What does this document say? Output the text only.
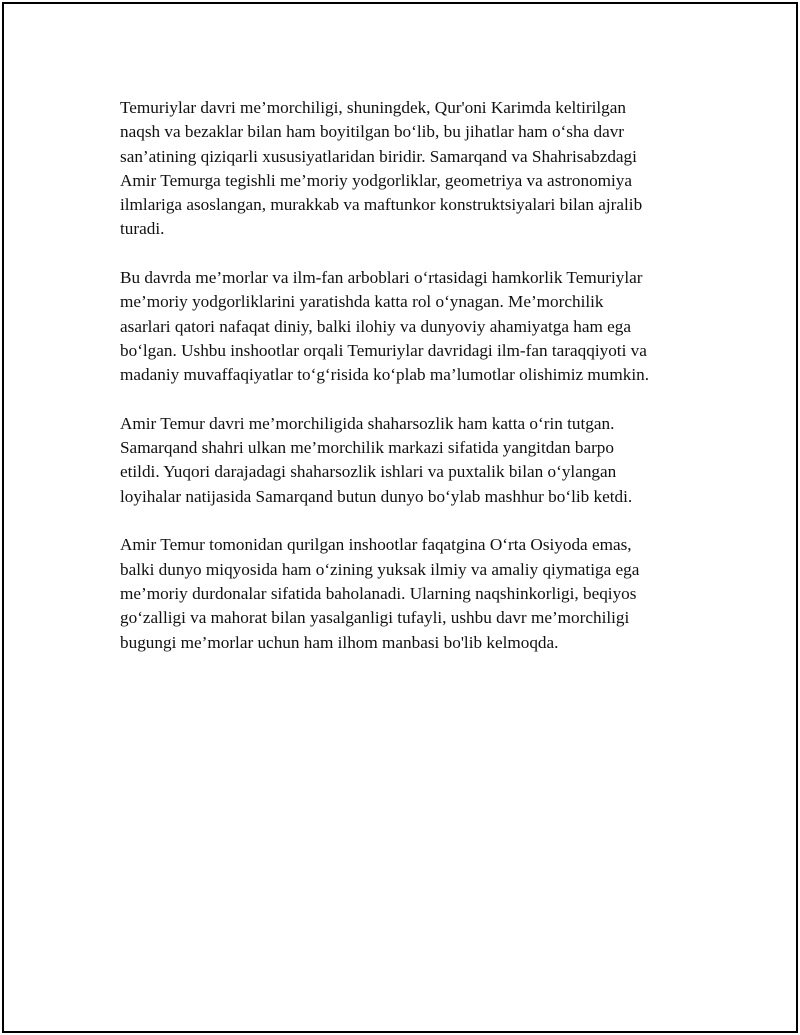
Temuriylar davri me’morchiligi, shuningdek, Qur'oni Karimda keltirilgan
naqsh va bezaklar bilan ham boyitilgan bo‘lib, bu jihatlar ham o‘sha davr
san’atining qiziqarli xususiyatlaridan biridir. Samarqand va Shahrisabzdagi
Amir Temurga tegishli me’moriy yodgorliklar, geometriya va astronomiya
ilmlariga asoslangan, murakkab va maftunkor konstruktsiyalari bilan ajralib
turadi.

Bu davrda me’morlar va ilm-fan arboblari o‘rtasidagi hamkorlik Temuriylar
me’moriy yodgorliklarini yaratishda katta rol o‘ynagan. Me’morchilik
asarlari qatori nafaqat diniy, balki ilohiy va dunyoviy ahamiyatga ham ega
bo‘lgan. Ushbu inshootlar orqali Temuriylar davridagi ilm-fan taraqqiyoti va
madaniy muvaffaqiyatlar to‘g‘risida ko‘plab ma’lumotlar olishimiz mumkin.

Amir Temur davri me’morchiligida shaharsozlik ham katta o‘rin tutgan.
Samarqand shahri ulkan me’morchilik markazi sifatida yangitdan barpo
etildi. Yuqori darajadagi shaharsozlik ishlari va puxtalik bilan o‘ylangan
loyihalar natijasida Samarqand butun dunyo bo‘ylab mashhur bo‘lib ketdi.

Amir Temur tomonidan qurilgan inshootlar faqatgina O‘rta Osiyoda emas,
balki dunyo miqyosida ham o‘zining yuksak ilmiy va amaliy qiymatiga ega
me’moriy durdonalar sifatida baholanadi. Ularning naqshinkorligi, beqiyos
go‘zalligi va mahorat bilan yasalganligi tufayli, ushbu davr me’morchiligi
bugungi me’morlar uchun ham ilhom manbasi bo'lib kelmoqda.
